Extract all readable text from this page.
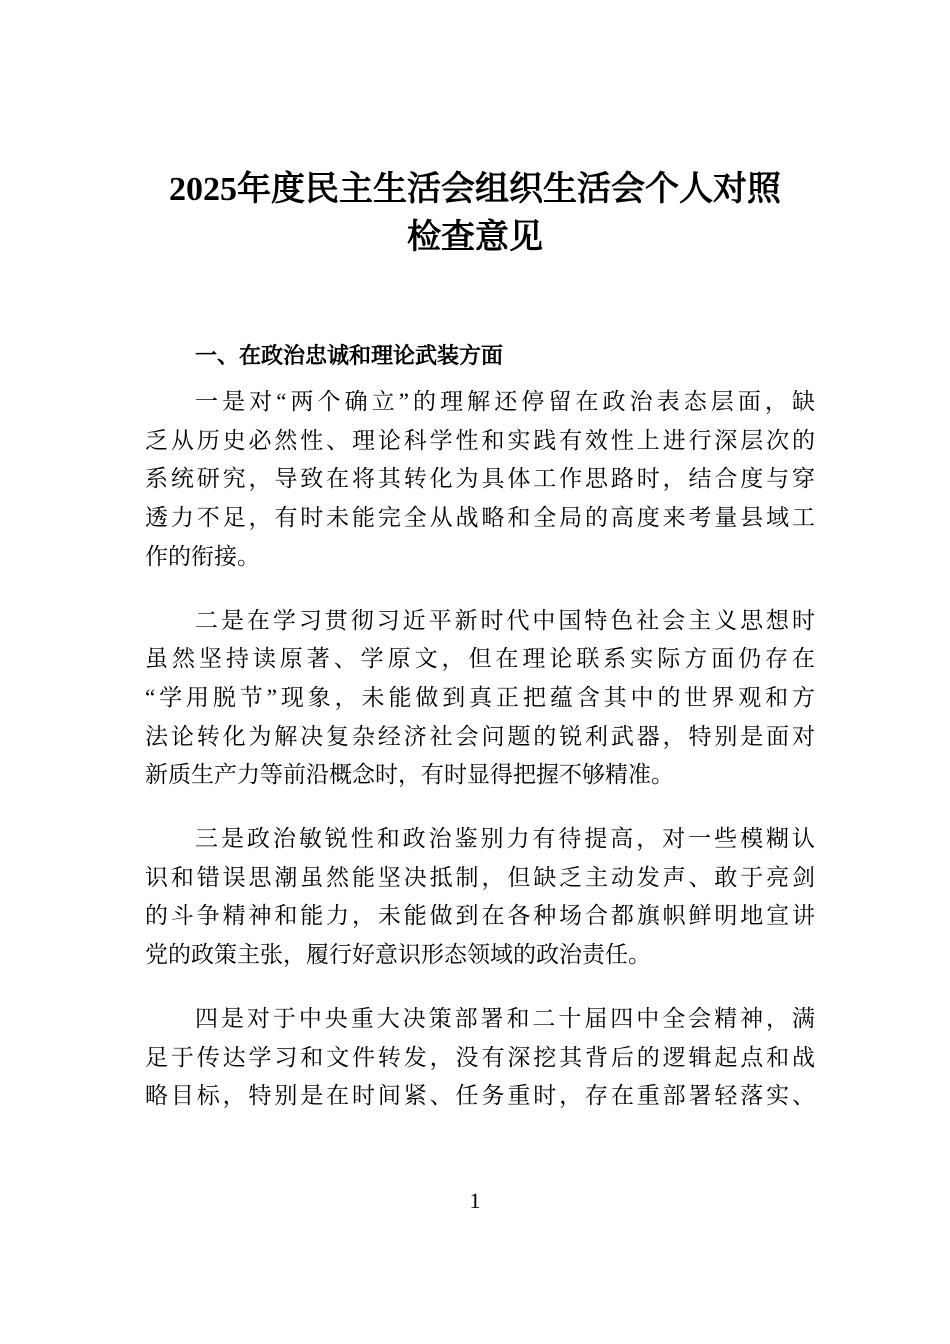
2025年度民主生活会组织生活会个人对照
检查意见
一、在政治忠诚和理论武装方面
一是对“两个确立”的理解还停留在政治表态层面，缺
乏从历史必然性、理论科学性和实践有效性上进行深层次的
系统研究，导致在将其转化为具体工作思路时，结合度与穿
透力不足，有时未能完全从战略和全局的高度来考量县域工
作的衔接。
二是在学习贯彻习近平新时代中国特色社会主义思想时
虽然坚持读原著、学原文，但在理论联系实际方面仍存在
“学用脱节”现象，未能做到真正把蕴含其中的世界观和方
法论转化为解决复杂经济社会问题的锐利武器，特别是面对
新质生产力等前沿概念时，有时显得把握不够精准。
三是政治敏锐性和政治鉴别力有待提高，对一些模糊认
识和错误思潮虽然能坚决抵制，但缺乏主动发声、敢于亮剑
的斗争精神和能力，未能做到在各种场合都旗帜鲜明地宣讲
党的政策主张，履行好意识形态领域的政治责任。
四是对于中央重大决策部署和二十届四中全会精神，满
足于传达学习和文件转发，没有深挖其背后的逻辑起点和战
略目标，特别是在时间紧、任务重时，存在重部署轻落实、
1
